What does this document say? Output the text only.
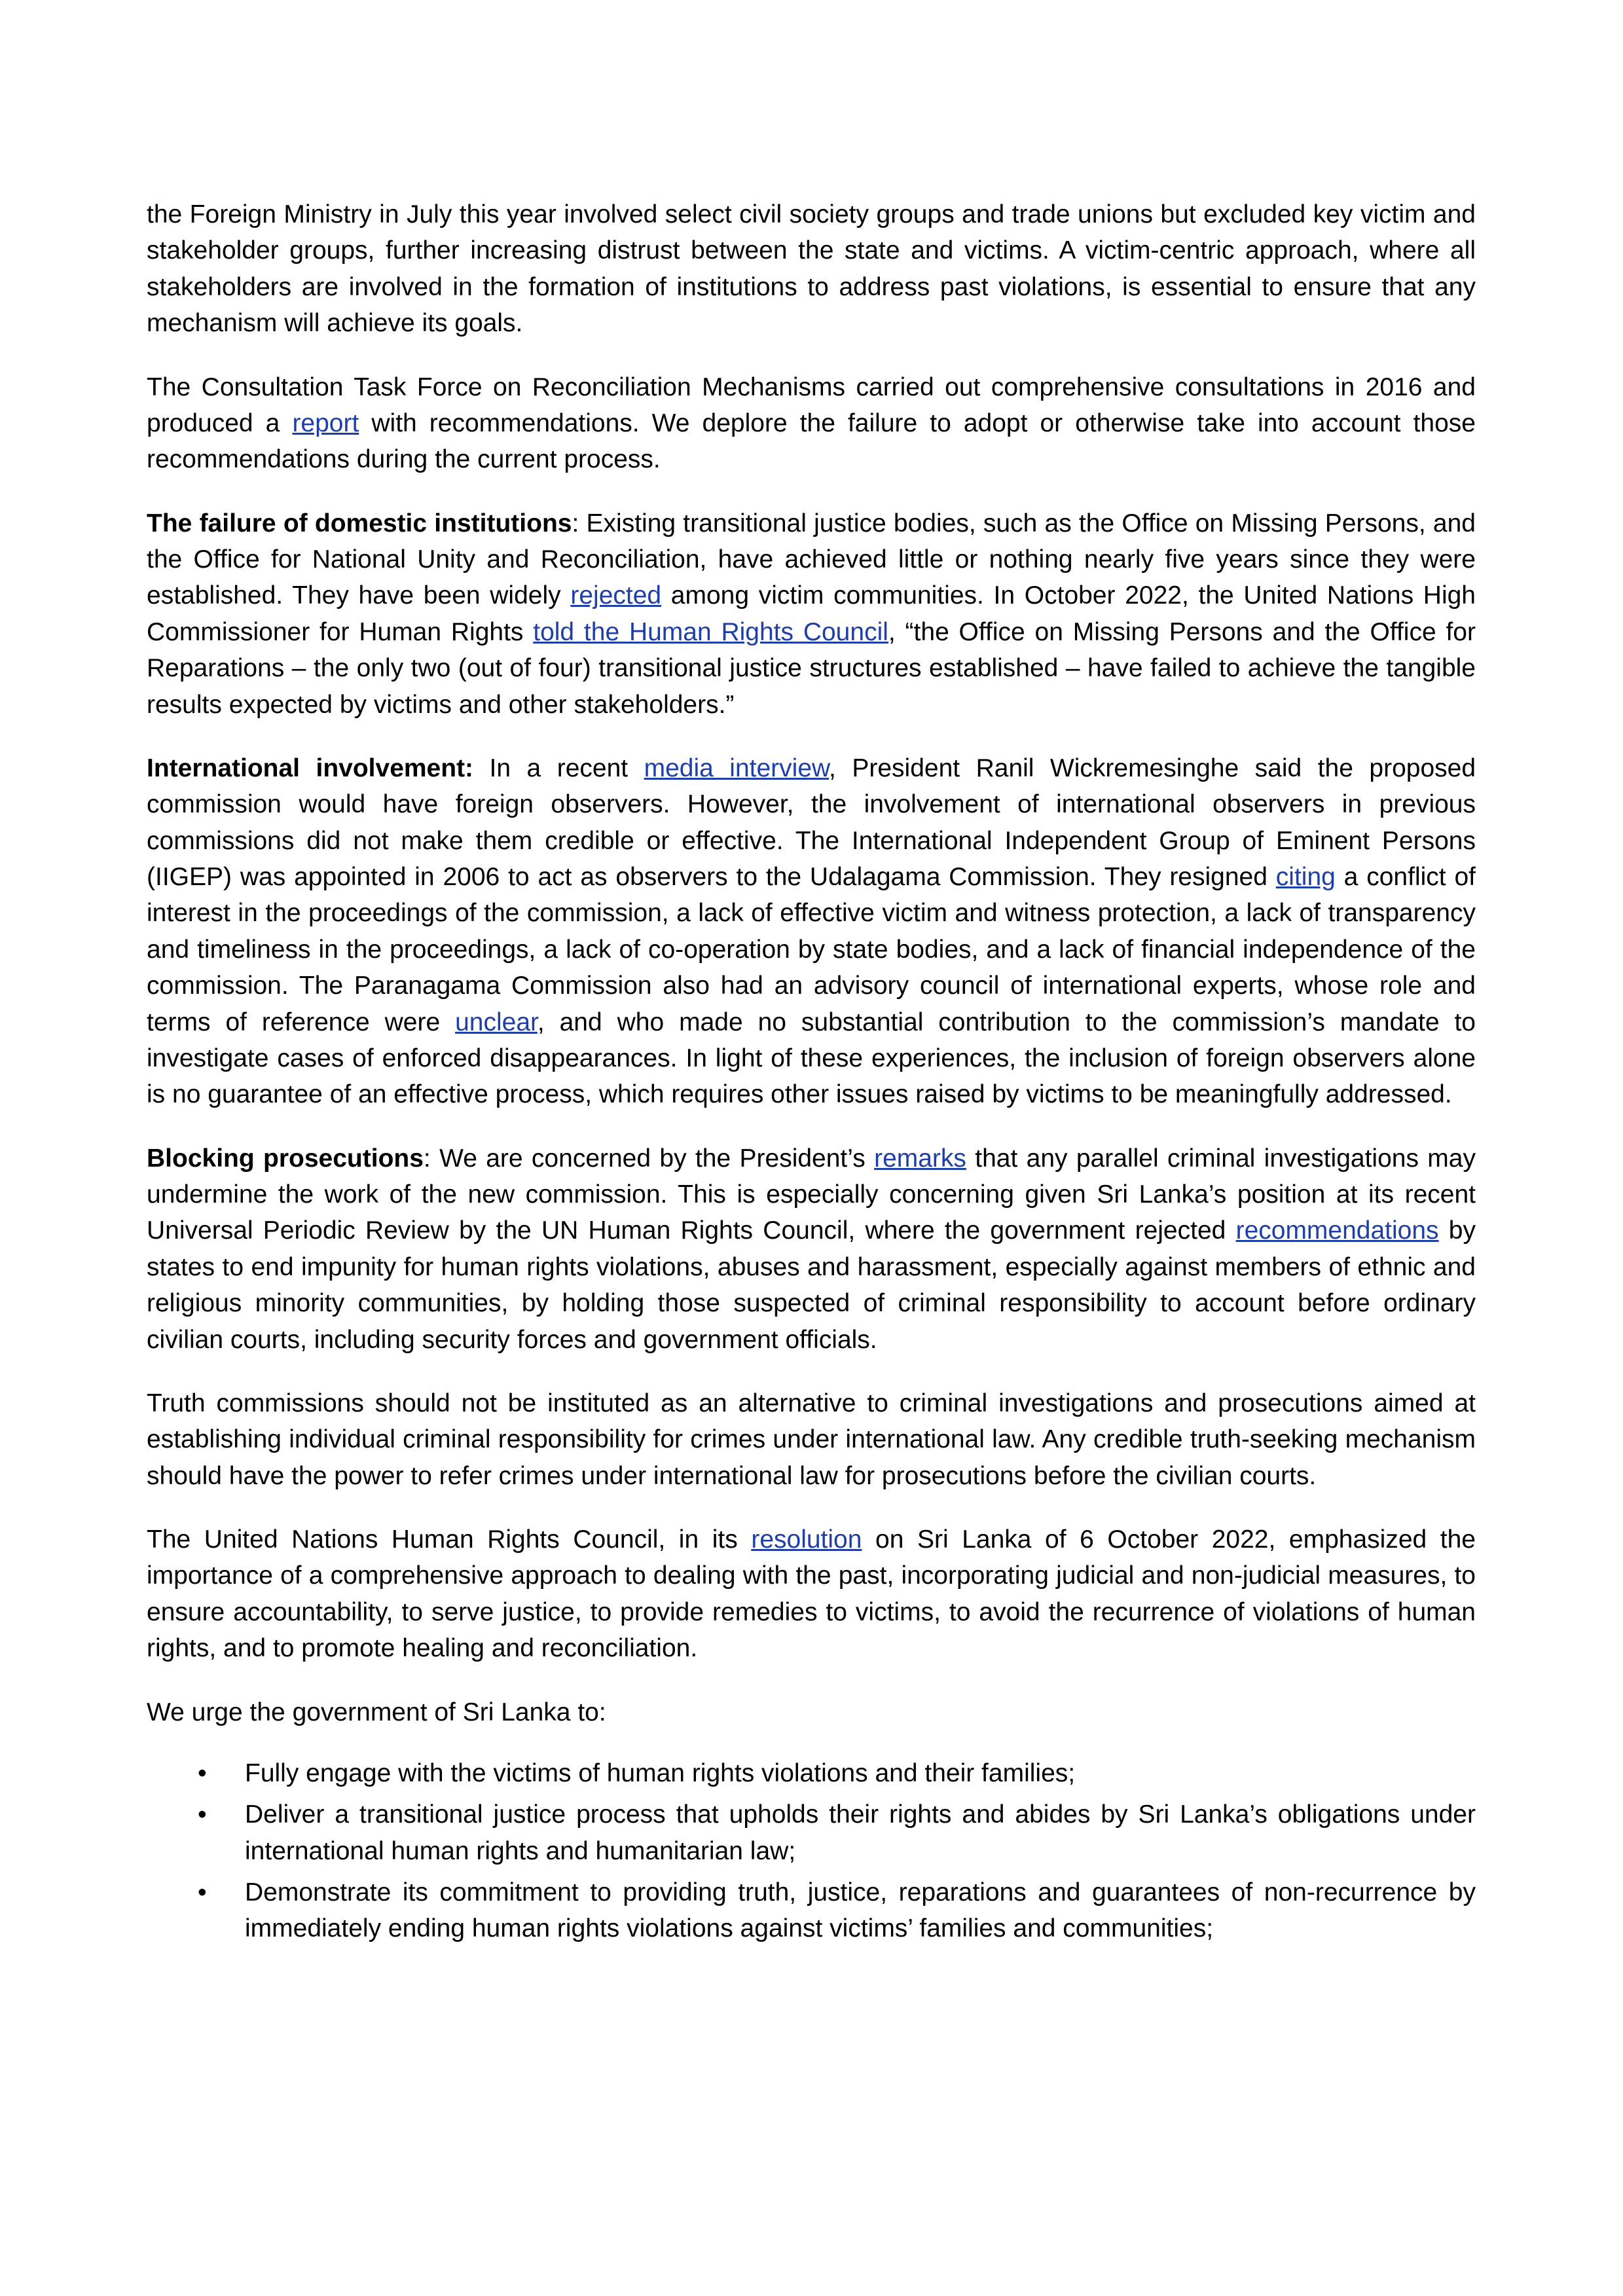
the Foreign Ministry in July this year involved select civil society groups and trade unions but excluded key victim and stakeholder groups, further increasing distrust between the state and victims. A victim-centric approach, where all stakeholders are involved in the formation of institutions to address past violations, is essential to ensure that any mechanism will achieve its goals.

The Consultation Task Force on Reconciliation Mechanisms carried out comprehensive consultations in 2016 and produced a report with recommendations. We deplore the failure to adopt or otherwise take into account those recommendations during the current process.

The failure of domestic institutions: Existing transitional justice bodies, such as the Office on Missing Persons, and the Office for National Unity and Reconciliation, have achieved little or nothing nearly five years since they were established. They have been widely rejected among victim communities. In October 2022, the United Nations High Commissioner for Human Rights told the Human Rights Council, “the Office on Missing Persons and the Office for Reparations – the only two (out of four) transitional justice structures established – have failed to achieve the tangible results expected by victims and other stakeholders.”

International involvement: In a recent media interview, President Ranil Wickremesinghe said the proposed commission would have foreign observers. However, the involvement of international observers in previous commissions did not make them credible or effective. The International Independent Group of Eminent Persons (IIGEP) was appointed in 2006 to act as observers to the Udalagama Commission. They resigned citing a conflict of interest in the proceedings of the commission, a lack of effective victim and witness protection, a lack of transparency and timeliness in the proceedings, a lack of co-operation by state bodies, and a lack of financial independence of the commission. The Paranagama Commission also had an advisory council of international experts, whose role and terms of reference were unclear, and who made no substantial contribution to the commission’s mandate to investigate cases of enforced disappearances. In light of these experiences, the inclusion of foreign observers alone is no guarantee of an effective process, which requires other issues raised by victims to be meaningfully addressed.

Blocking prosecutions: We are concerned by the President’s remarks that any parallel criminal investigations may undermine the work of the new commission. This is especially concerning given Sri Lanka’s position at its recent Universal Periodic Review by the UN Human Rights Council, where the government rejected recommendations by states to end impunity for human rights violations, abuses and harassment, especially against members of ethnic and religious minority communities, by holding those suspected of criminal responsibility to account before ordinary civilian courts, including security forces and government officials.

Truth commissions should not be instituted as an alternative to criminal investigations and prosecutions aimed at establishing individual criminal responsibility for crimes under international law. Any credible truth-seeking mechanism should have the power to refer crimes under international law for prosecutions before the civilian courts.

The United Nations Human Rights Council, in its resolution on Sri Lanka of 6 October 2022, emphasized the importance of a comprehensive approach to dealing with the past, incorporating judicial and non-judicial measures, to ensure accountability, to serve justice, to provide remedies to victims, to avoid the recurrence of violations of human rights, and to promote healing and reconciliation.

We urge the government of Sri Lanka to:

• Fully engage with the victims of human rights violations and their families;
• Deliver a transitional justice process that upholds their rights and abides by Sri Lanka’s obligations under international human rights and humanitarian law;
• Demonstrate its commitment to providing truth, justice, reparations and guarantees of non-recurrence by immediately ending human rights violations against victims’ families and communities;
